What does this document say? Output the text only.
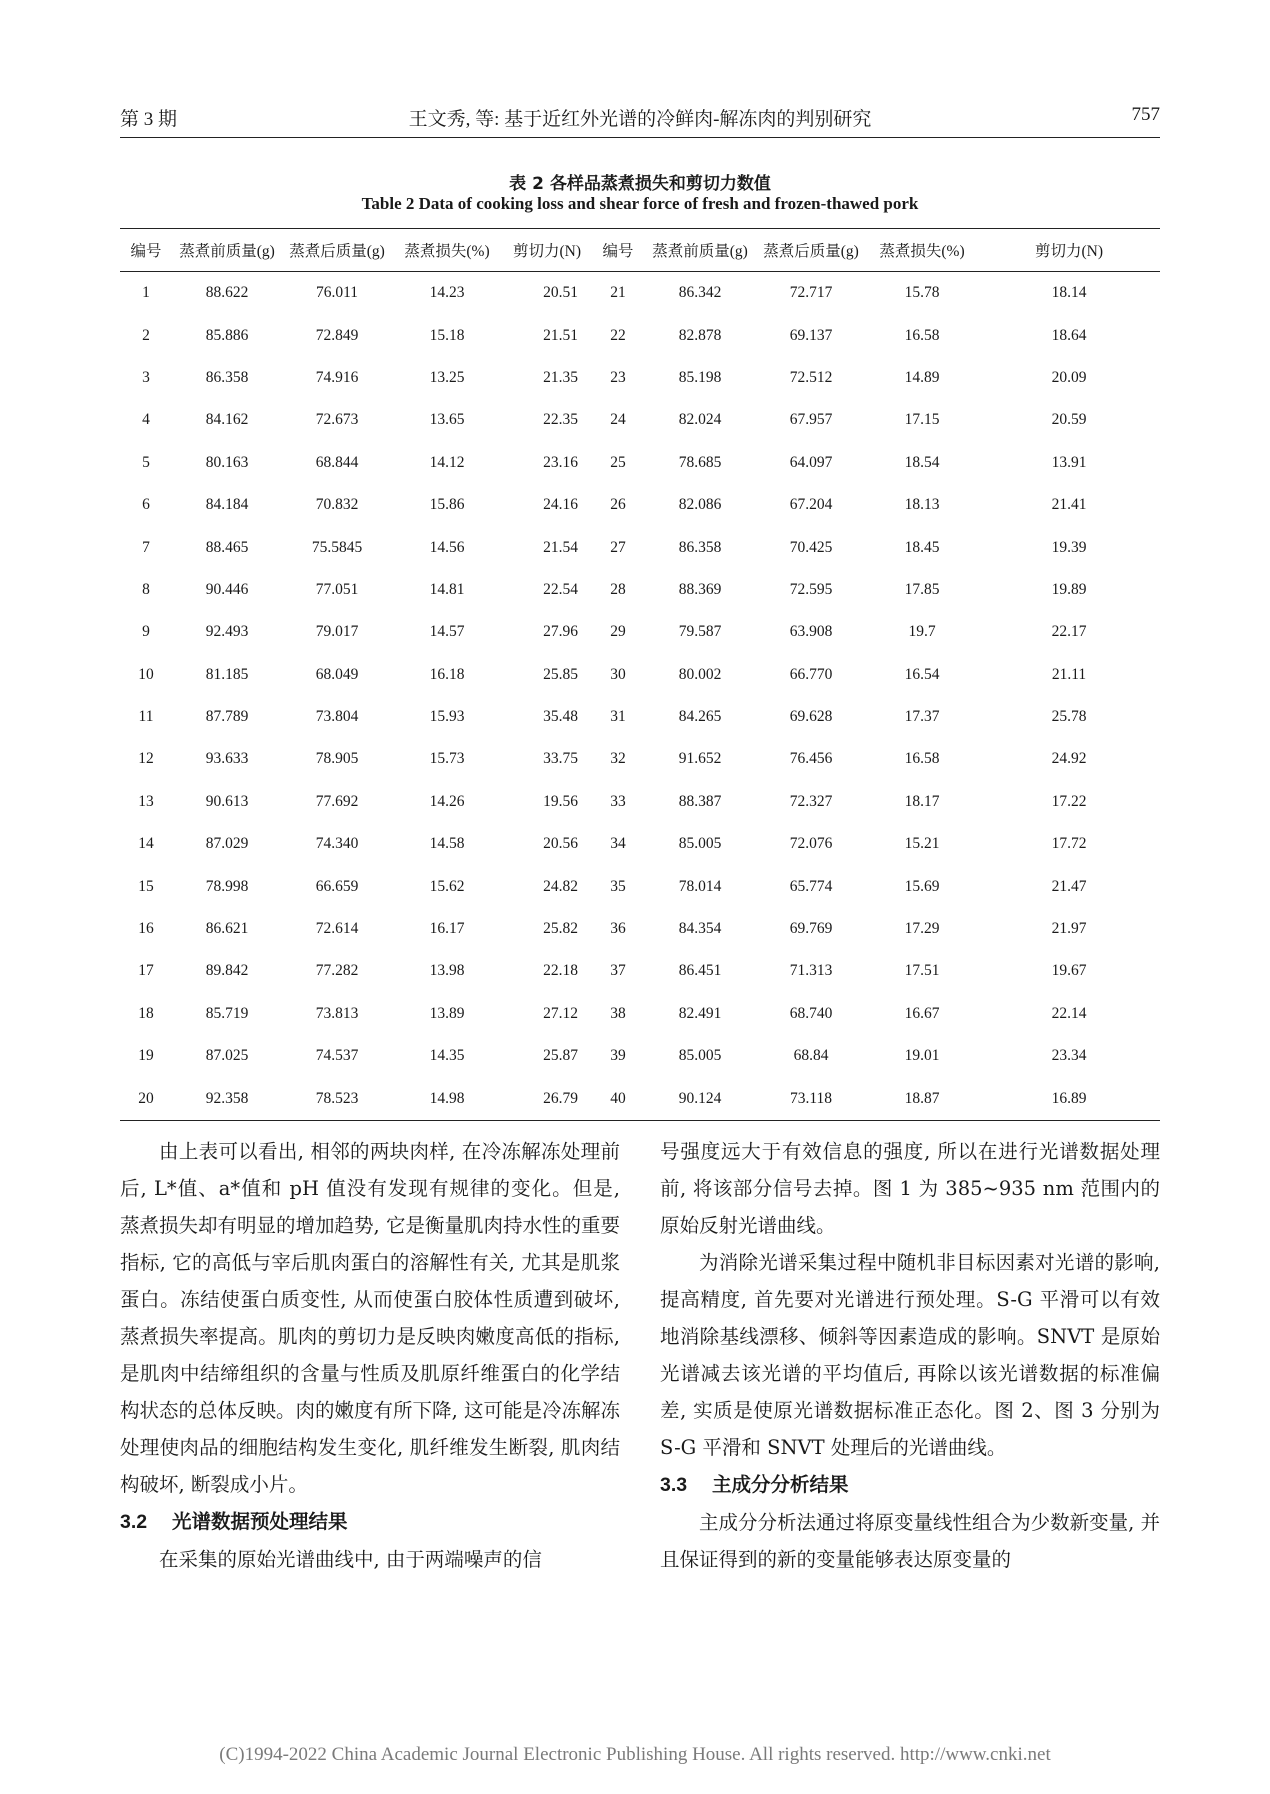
第 3 期	王文秀, 等: 基于近红外光谱的冷鲜肉-解冻肉的判别研究	757
表 2 各样品蒸煮损失和剪切力数值
Table 2 Data of cooking loss and shear force of fresh and frozen-thawed pork
编号	蒸煮前质量(g)	蒸煮后质量(g)	蒸煮损失(%)	剪切力(N)	编号	蒸煮前质量(g)	蒸煮后质量(g)	蒸煮损失(%)	剪切力(N)
1	88.622	76.011	14.23	20.51	21	86.342	72.717	15.78	18.14
2	85.886	72.849	15.18	21.51	22	82.878	69.137	16.58	18.64
3	86.358	74.916	13.25	21.35	23	85.198	72.512	14.89	20.09
4	84.162	72.673	13.65	22.35	24	82.024	67.957	17.15	20.59
5	80.163	68.844	14.12	23.16	25	78.685	64.097	18.54	13.91
6	84.184	70.832	15.86	24.16	26	82.086	67.204	18.13	21.41
7	88.465	75.5845	14.56	21.54	27	86.358	70.425	18.45	19.39
8	90.446	77.051	14.81	22.54	28	88.369	72.595	17.85	19.89
9	92.493	79.017	14.57	27.96	29	79.587	63.908	19.7	22.17
10	81.185	68.049	16.18	25.85	30	80.002	66.770	16.54	21.11
11	87.789	73.804	15.93	35.48	31	84.265	69.628	17.37	25.78
12	93.633	78.905	15.73	33.75	32	91.652	76.456	16.58	24.92
13	90.613	77.692	14.26	19.56	33	88.387	72.327	18.17	17.22
14	87.029	74.340	14.58	20.56	34	85.005	72.076	15.21	17.72
15	78.998	66.659	15.62	24.82	35	78.014	65.774	15.69	21.47
16	86.621	72.614	16.17	25.82	36	84.354	69.769	17.29	21.97
17	89.842	77.282	13.98	22.18	37	86.451	71.313	17.51	19.67
18	85.719	73.813	13.89	27.12	38	82.491	68.740	16.67	22.14
19	87.025	74.537	14.35	25.87	39	85.005	68.84	19.01	23.34
20	92.358	78.523	14.98	26.79	40	90.124	73.118	18.87	16.89

由上表可以看出, 相邻的两块肉样, 在冷冻解冻处理前后, L*值、a*值和 pH 值没有发现有规律的变化。但是, 蒸煮损失却有明显的增加趋势, 它是衡量肌肉持水性的重要指标, 它的高低与宰后肌肉蛋白的溶解性有关, 尤其是肌浆蛋白。冻结使蛋白质变性, 从而使蛋白胶体性质遭到破坏, 蒸煮损失率提高。肌肉的剪切力是反映肉嫩度高低的指标, 是肌肉中结缔组织的含量与性质及肌原纤维蛋白的化学结构状态的总体反映。肉的嫩度有所下降, 这可能是冷冻解冻处理使肉品的细胞结构发生变化, 肌纤维发生断裂, 肌肉结构破坏, 断裂成小片。

3.2 光谱数据预处理结果

在采集的原始光谱曲线中, 由于两端噪声的信

号强度远大于有效信息的强度, 所以在进行光谱数据处理前, 将该部分信号去掉。图 1 为 385~935 nm 范围内的原始反射光谱曲线。

为消除光谱采集过程中随机非目标因素对光谱的影响, 提高精度, 首先要对光谱进行预处理。S-G 平滑可以有效地消除基线漂移、倾斜等因素造成的影响。SNVT 是原始光谱减去该光谱的平均值后, 再除以该光谱数据的标准偏差, 实质是使原光谱数据标准正态化。图 2、图 3 分别为 S-G 平滑和 SNVT 处理后的光谱曲线。

3.3 主成分分析结果

主成分分析法通过将原变量线性组合为少数新变量, 并且保证得到的新的变量能够表达原变量的

(C)1994-2022 China Academic Journal Electronic Publishing House. All rights reserved. http://www.cnki.net
